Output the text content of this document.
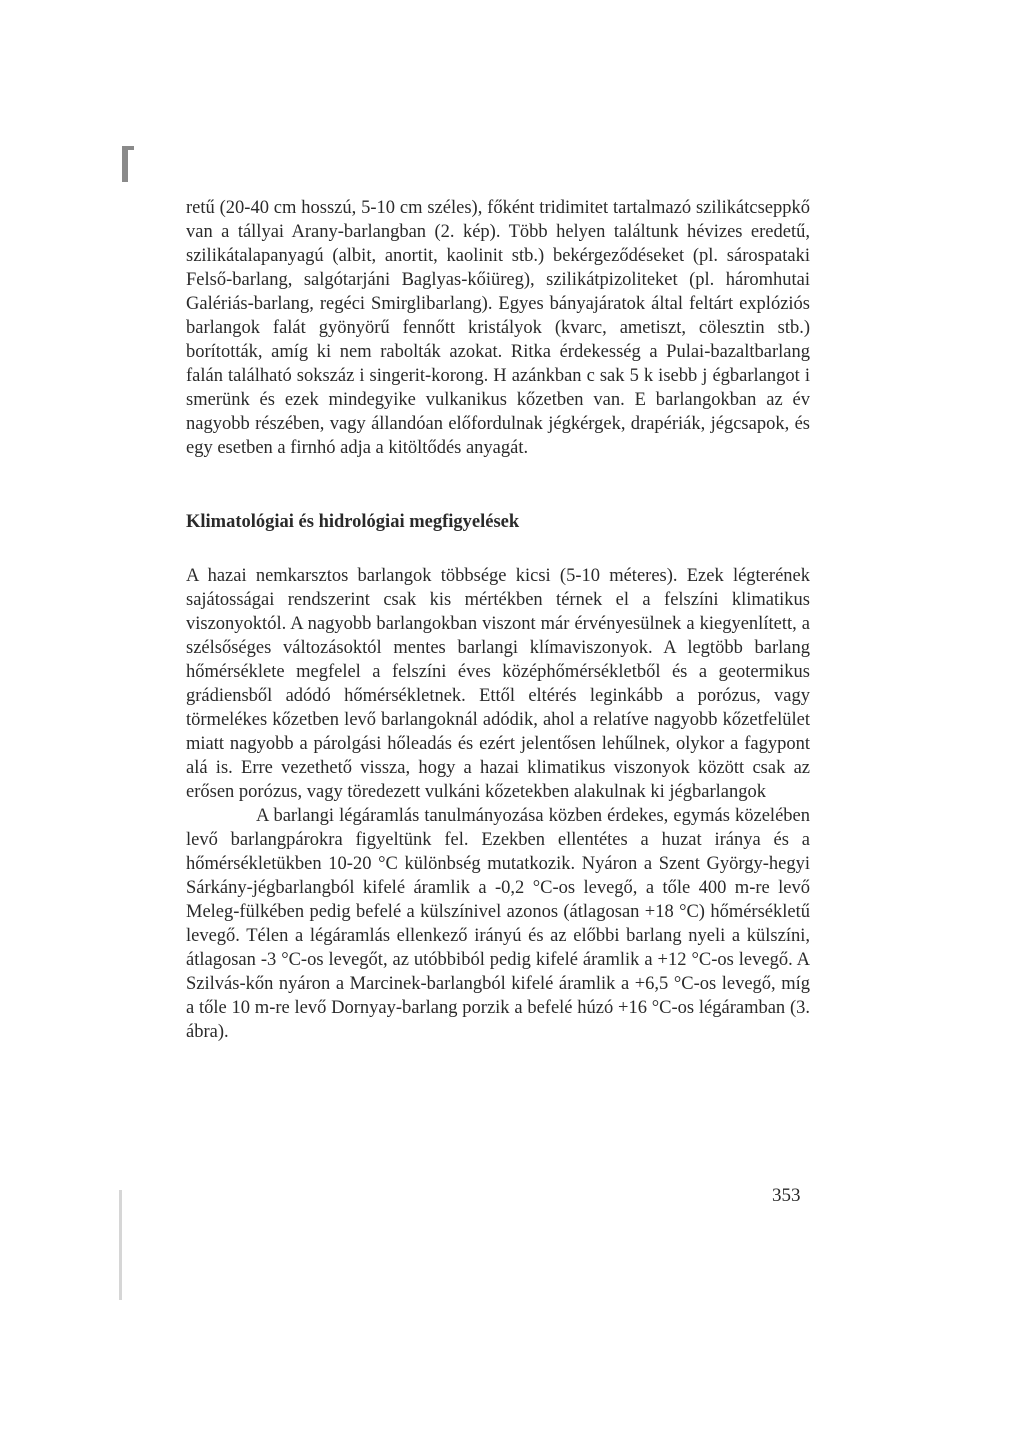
retű (20-40 cm hosszú, 5-10 cm széles), főként tridimitet tartalmazó szilikátcseppkő van a tállyai Arany-barlangban (2. kép). Több helyen találtunk hévizes eredetű, szilikátalapanyagú (albit, anortit, kaolinit stb.) bekérgeződéseket (pl. sárospataki Felső-barlang, salgótarjáni Baglyas-kőiüreg), szilikátpizoliteket (pl. háromhutai Galériás-barlang, regéci Smirglibarlang). Egyes bányajáratok által feltárt explóziós barlangok falát gyönyörű fennőtt kristályok (kvarc, ametiszt, cölesztin stb.) borították, amíg ki nem rabolták azokat. Ritka érdekesség a Pulai-bazaltbarlang falán található sokszáz i singerit-korong. H azánkban c sak 5 k isebb j égbarlangot i smerünk és ezek mindegyike vulkanikus kőzetben van. E barlangokban az év nagyobb részében, vagy állandóan előfordulnak jégkérgek, drapériák, jégcsapok, és egy esetben a firnhó adja a kitöltődés anyagát.

Klimatológiai és hidrológiai megfigyelések

A hazai nemkarsztos barlangok többsége kicsi (5-10 méteres). Ezek légterének sajátosságai rendszerint csak kis mértékben térnek el a felszíni klimatikus viszonyoktól. A nagyobb barlangokban viszont már érvényesülnek a kiegyenlített, a szélsőséges változásoktól mentes barlangi klímaviszonyok. A legtöbb barlang hőmérséklete megfelel a felszíni éves középhőmérsékletből és a geotermikus grádiensből adódó hőmérsékletnek. Ettől eltérés leginkább a porózus, vagy törmelékes kőzetben levő barlangoknál adódik, ahol a relatíve nagyobb kőzetfelület miatt nagyobb a párolgási hőleadás és ezért jelentősen lehűlnek, olykor a fagypont alá is. Erre vezethető vissza, hogy a hazai klimatikus viszonyok között csak az erősen porózus, vagy töredezett vulkáni kőzetekben alakulnak ki jégbarlangok

A barlangi légáramlás tanulmányozása közben érdekes, egymás közelében levő barlangpárokra figyeltünk fel. Ezekben ellentétes a huzat iránya és a hőmérsékletükben 10-20 °C különbség mutatkozik. Nyáron a Szent György-hegyi Sárkány-jégbarlangból kifelé áramlik a -0,2 °C-os levegő, a tőle 400 m-re levő Meleg-fülkében pedig befelé a külszínivel azonos (átlagosan +18 °C) hőmérsékletű levegő. Télen a légáramlás ellenkező irányú és az előbbi barlang nyeli a külszíni, átlagosan -3 °C-os levegőt, az utóbbiból pedig kifelé áramlik a +12 °C-os levegő. A Szilvás-kőn nyáron a Marcinek-barlangból kifelé áramlik a +6,5 °C-os levegő, míg a tőle 10 m-re levő Dornyay-barlang porzik a befelé húzó +16 °C-os légáramban (3. ábra).

353
